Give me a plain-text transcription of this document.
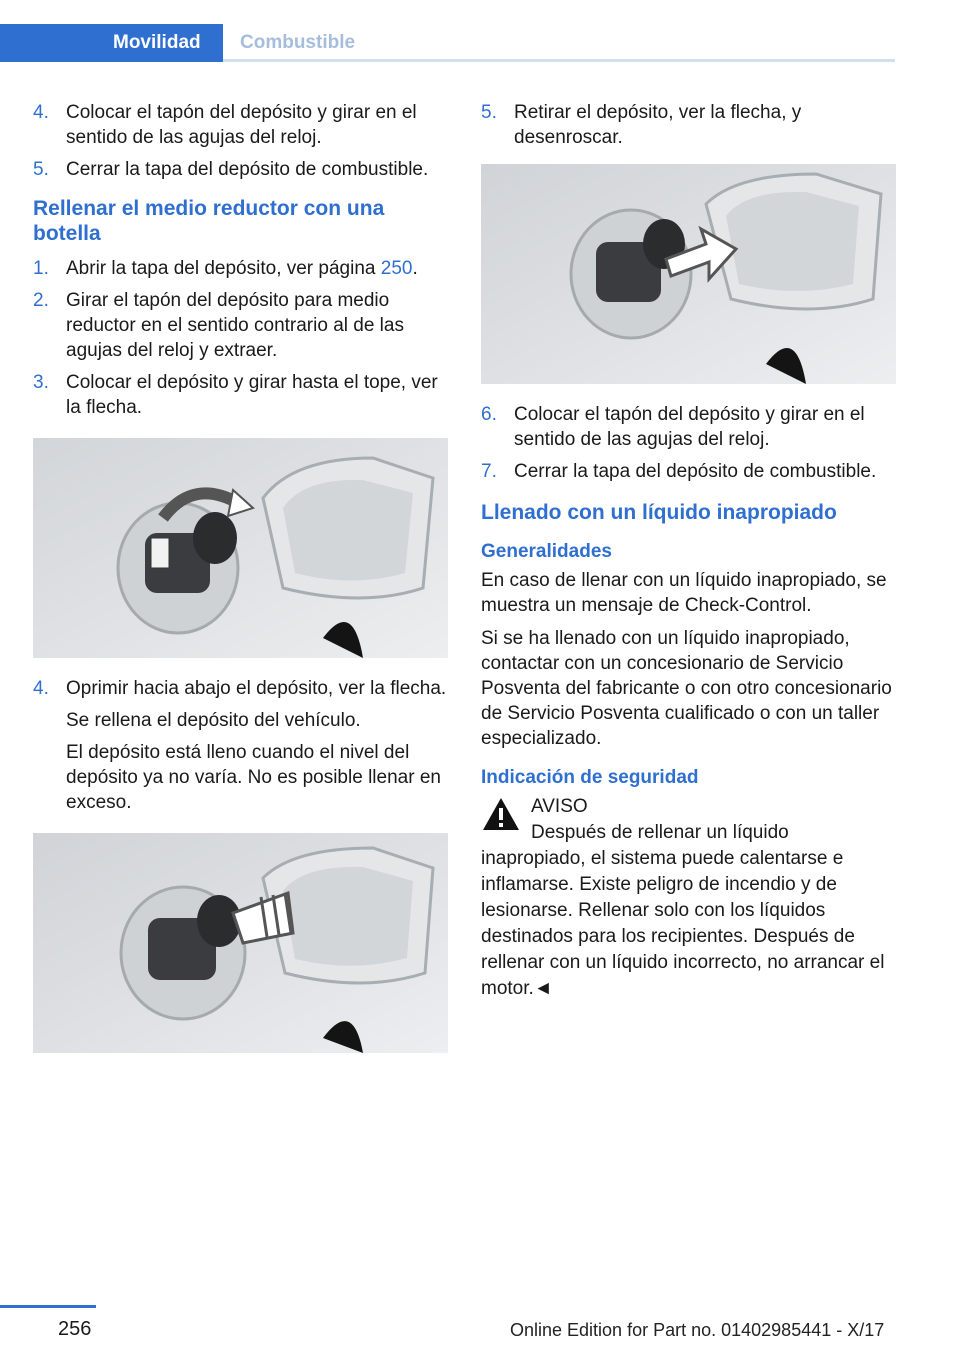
Movilidad	Combustible
4. Colocar el tapón del depósito y girar en el sentido de las agujas del reloj.
5. Cerrar la tapa del depósito de combustible.
Rellenar el medio reductor con una botella
1. Abrir la tapa del depósito, ver página 250.
2. Girar el tapón del depósito para medio reductor en el sentido contrario al de las agujas del reloj y extraer.
3. Colocar el depósito y girar hasta el tope, ver la flecha.
4. Oprimir hacia abajo el depósito, ver la flecha.
Se rellena el depósito del vehículo.
El depósito está lleno cuando el nivel del depósito ya no varía. No es posible llenar en exceso.
5. Retirar el depósito, ver la flecha, y desenroscar.
6. Colocar el tapón del depósito y girar en el sentido de las agujas del reloj.
7. Cerrar la tapa del depósito de combustible.
Llenado con un líquido inapropiado
Generalidades
En caso de llenar con un líquido inapropiado, se muestra un mensaje de Check-Control.
Si se ha llenado con un líquido inapropiado, contactar con un concesionario de Servicio Posventa del fabricante o con otro concesionario de Servicio Posventa cualificado o con un taller especializado.
Indicación de seguridad
AVISO
Después de rellenar un líquido inapropiado, el sistema puede calentarse e inflamarse. Existe peligro de incendio y de lesionarse. Rellenar solo con los líquidos destinados para los recipientes. Después de rellenar con un líquido incorrecto, no arrancar el motor.◄
256	Online Edition for Part no. 01402985441 - X/17
